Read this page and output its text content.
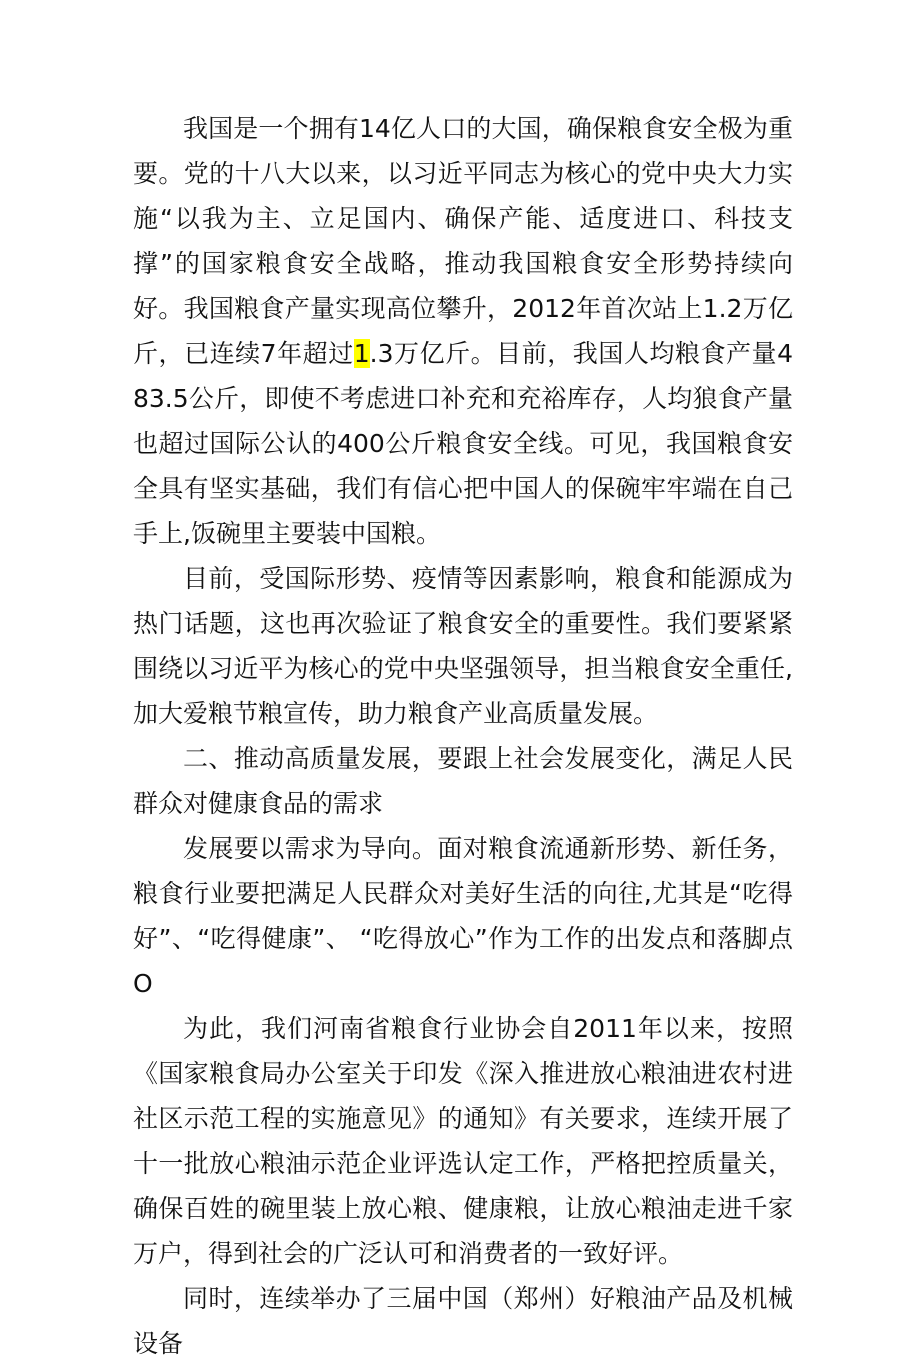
我国是一个拥有14亿人口的大国，确保粮食安全极为重要。党的十八大以来，以习近平同志为核心的党中央大力实施“以我为主、立足国内、确保产能、适度进口、科技支撑”的国家粮食安全战略，推动我国粮食安全形势持续向好。我国粮食产量实现高位攀升，2012年首次站上1.2万亿斤，已连续7年超过1.3万亿斤。目前，我国人均粮食产量483.5公斤，即使不考虑进口补充和充裕库存，人均狼食产量也超过国际公认的400公斤粮食安全线。可见，我国粮食安全具有坚实基础，我们有信心把中国人的保碗牢牢端在自己手上,饭碗里主要装中国粮。

目前，受国际形势、疫情等因素影响，粮食和能源成为热门话题，这也再次验证了粮食安全的重要性。我们要紧紧围绕以习近平为核心的党中央坚强领导，担当粮食安全重任,加大爱粮节粮宣传，助力粮食产业高质量发展。

二、推动高质量发展，要跟上社会发展变化，满足人民群众对健康食品的需求

发展要以需求为导向。面对粮食流通新形势、新任务，粮食行业要把满足人民群众对美好生活的向往,尤其是“吃得好”、“吃得健康”、 “吃得放心”作为工作的出发点和落脚点O

为此，我们河南省粮食行业协会自2011年以来，按照《国家粮食局办公室关于印发《深入推进放心粮油进农村进社区示范工程的实施意见》的通知》有关要求，连续开展了十一批放心粮油示范企业评选认定工作，严格把控质量关，确保百姓的碗里装上放心粮、健康粮，让放心粮油走进千家万户，得到社会的广泛认可和消费者的一致好评。

同时，连续举办了三届中国（郑州）好粮油产品及机械设备
